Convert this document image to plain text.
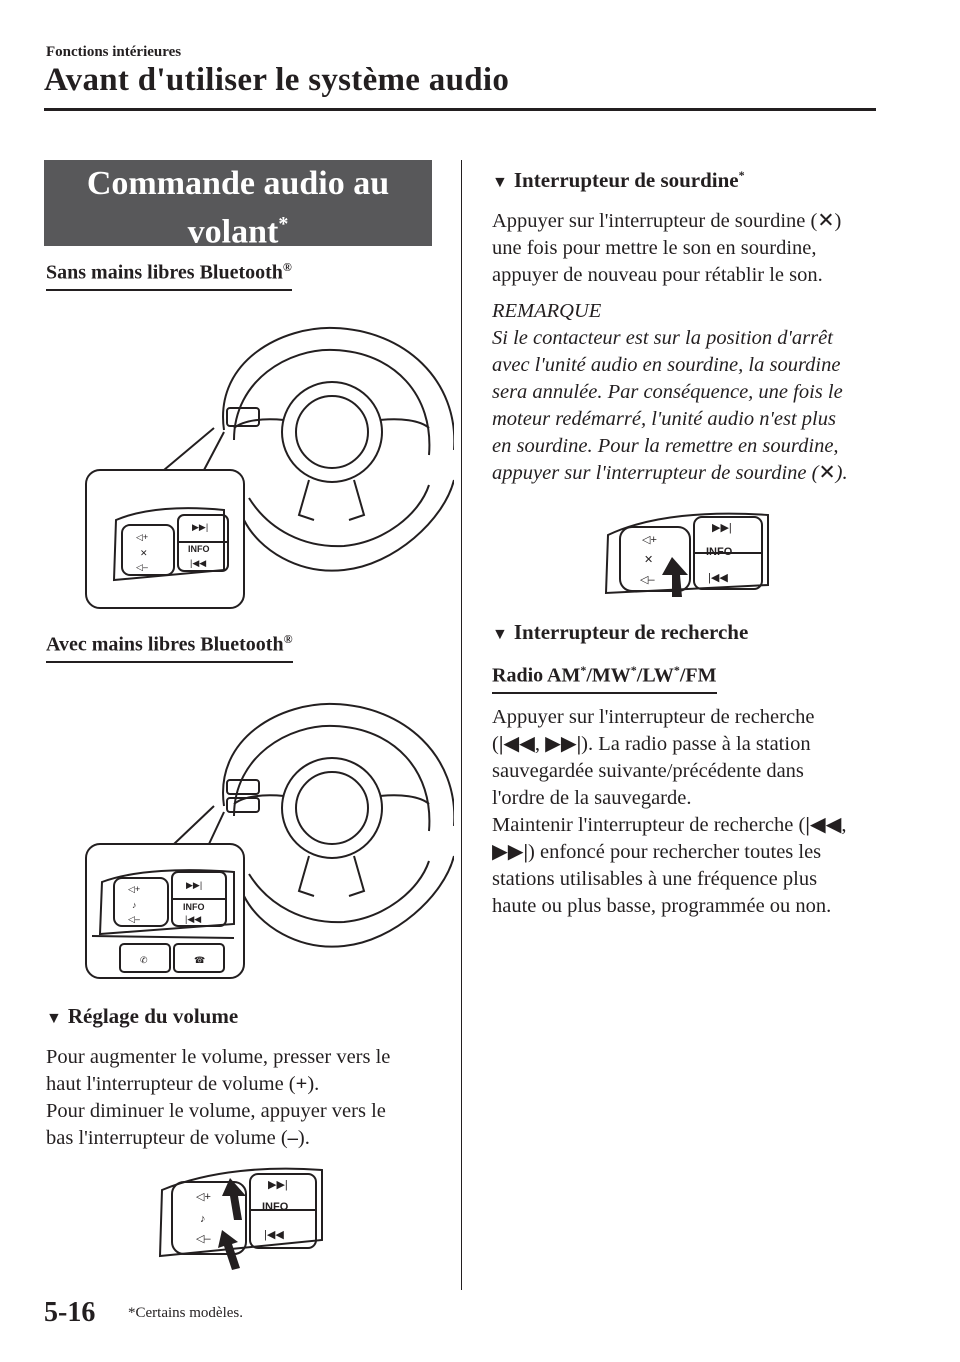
Fonctions intérieures
Avant d'utiliser le système audio
Commande audio au
volant*
Sans mains libres Bluetooth®
◁+
✕
◁–
▶▶|
INFO
|◀◀
Avec mains libres Bluetooth®
◁+
♪
◁–
▶▶|
INFO
|◀◀
✆	☎
▼ Réglage du volume
Pour augmenter le volume, presser vers le
haut l'interrupteur de volume (+).
Pour diminuer le volume, appuyer vers le
bas l'interrupteur de volume (–).
◁+
♪
◁–
▶▶|
INFO
|◀◀
▼ Interrupteur de sourdine*
Appuyer sur l'interrupteur de sourdine (✕)
une fois pour mettre le son en sourdine,
appuyer de nouveau pour rétablir le son.
REMARQUE
Si le contacteur est sur la position d'arrêt
avec l'unité audio en sourdine, la sourdine
sera annulée. Par conséquence, une fois le
moteur redémarré, l'unité audio n'est plus
en sourdine. Pour la remettre en sourdine,
appuyer sur l'interrupteur de sourdine (✕).
◁+
✕
◁–
▶▶|
INFO
|◀◀
▼ Interrupteur de recherche
Radio AM*/MW*/LW*/FM
Appuyer sur l'interrupteur de recherche
(|◀◀, ▶▶|). La radio passe à la station
sauvegardée suivante/précédente dans
l'ordre de la sauvegarde.
Maintenir l'interrupteur de recherche (|◀◀,
▶▶|) enfoncé pour rechercher toutes les
stations utilisables à une fréquence plus
haute ou plus basse, programmée ou non.
5-16 *Certains modèles.
